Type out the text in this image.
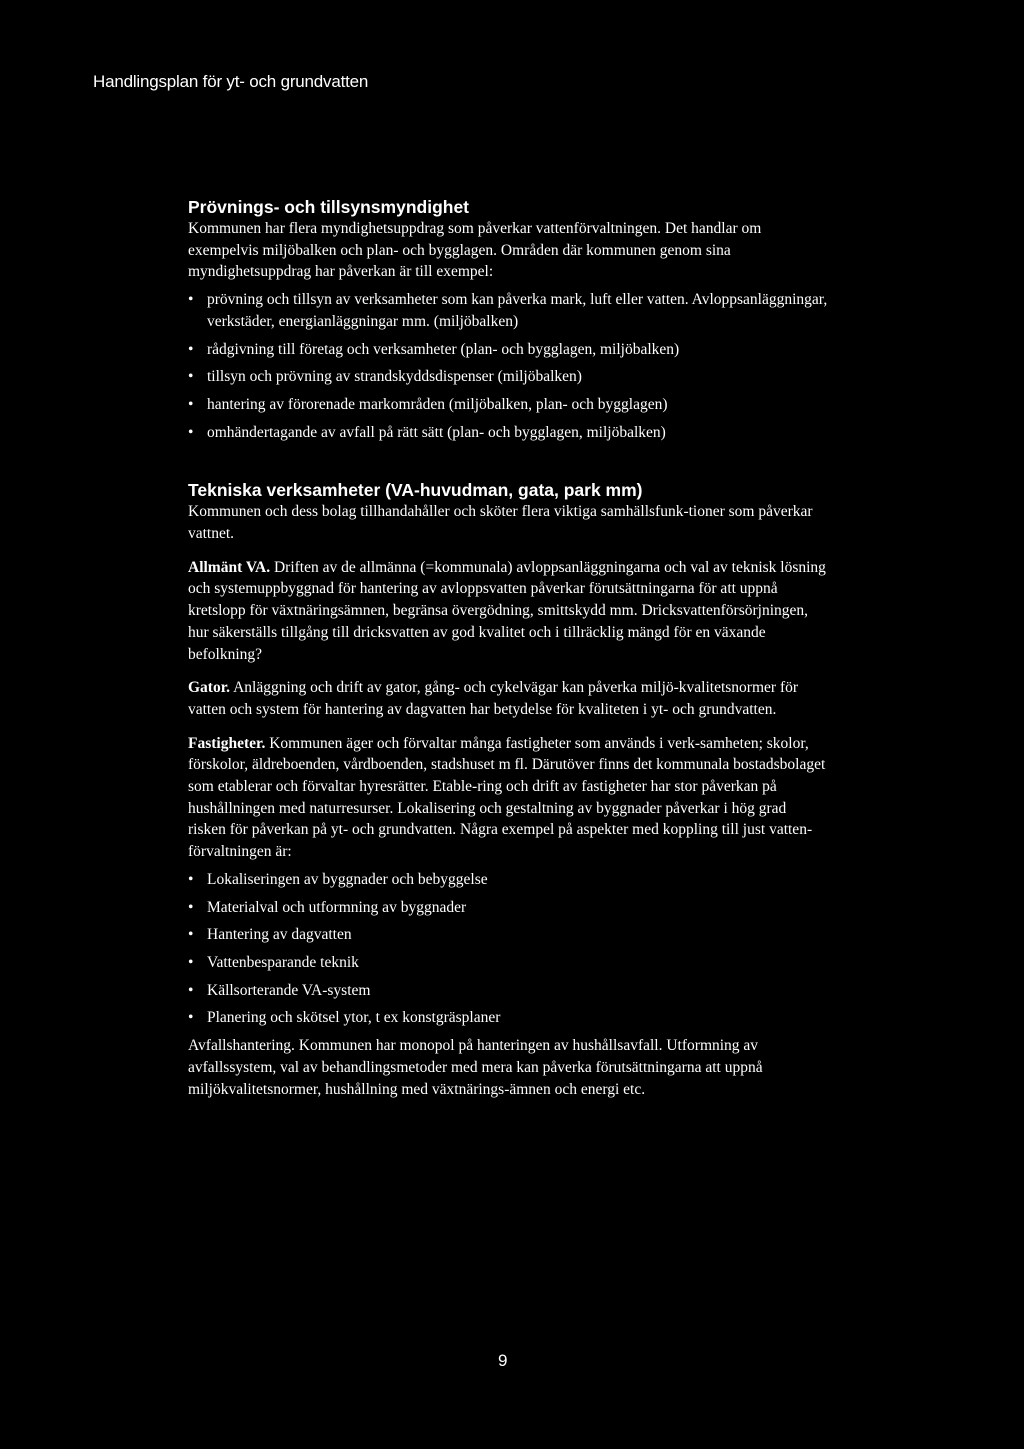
Handlingsplan för yt- och grundvatten
Prövnings- och tillsynsmyndighet

Kommunen har flera myndighetsuppdrag som påverkar vattenförvaltningen. Det handlar om exempelvis miljöbalken och plan- och bygglagen. Områden där kommunen genom sina myndighetsuppdrag har påverkan är till exempel:

• prövning och tillsyn av verksamheter som kan påverka mark, luft eller vatten. Avloppsanläggningar, verkstäder, energianläggningar mm. (miljöbalken)
• rådgivning till företag och verksamheter (plan- och bygglagen, miljöbalken)
• tillsyn och prövning av strandskyddsdispenser (miljöbalken)
• hantering av förorenade markområden (miljöbalken, plan- och bygglagen)
• omhändertagande av avfall på rätt sätt (plan- och bygglagen, miljöbalken)
Tekniska verksamheter (VA-huvudman, gata, park mm)

Kommunen och dess bolag tillhandahåller och sköter flera viktiga samhällsfunk-tioner som påverkar vattnet.

Allmänt VA. Driften av de allmänna (=kommunala) avloppsanläggningarna och val av teknisk lösning och systemuppbyggnad för hantering av avloppsvatten påverkar förutsättningarna för att uppnå kretslopp för växtnäringsämnen, begränsa övergödning, smittskydd mm. Dricksvattenförsörjningen, hur säkerställs tillgång till dricksvatten av god kvalitet och i tillräcklig mängd för en växande befolkning?

Gator. Anläggning och drift av gator, gång- och cykelvägar kan påverka miljö-kvalitetsnormer för vatten och system för hantering av dagvatten har betydelse för kvaliteten i yt- och grundvatten.

Fastigheter. Kommunen äger och förvaltar många fastigheter som används i verk-samheten; skolor, förskolor, äldreboenden, vårdboenden, stadshuset m fl. Därutöver finns det kommunala bostadsbolaget som etablerar och förvaltar hyresrätter. Etable-ring och drift av fastigheter har stor påverkan på hushållningen med naturresurser. Lokalisering och gestaltning av byggnader påverkar i hög grad risken för påverkan på yt- och grundvatten. Några exempel på aspekter med koppling till just vatten-förvaltningen är:

• Lokaliseringen av byggnader och bebyggelse
• Materialval och utformning av byggnader
• Hantering av dagvatten
• Vattenbesparande teknik
• Källsorterande VA-system
• Planering och skötsel ytor, t ex konstgräsplaner

Avfallshantering. Kommunen har monopol på hanteringen av hushållsavfall. Utformning av avfallssystem, val av behandlingsmetoder med mera kan påverka förutsättningarna att uppnå miljökvalitetsnormer, hushållning med växtnärings-ämnen och energi etc.

9
